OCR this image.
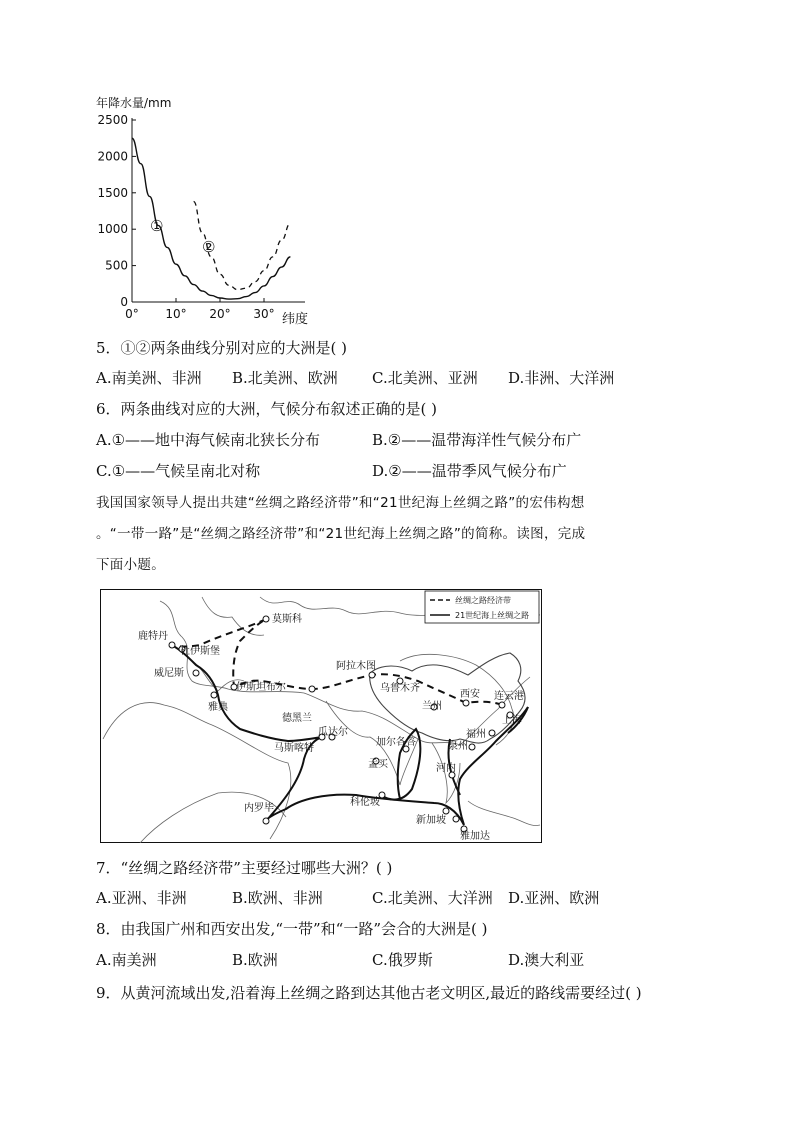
年降水量/mm
0
500
1000
1500
2000
2500
0° 10° 20° 30° 纬度
①
②
5．①②两条曲线分别对应的大洲是( )
A.南美洲、非洲 B.北美洲、欧洲 C.北美洲、亚洲 D.非洲、大洋洲
6．两条曲线对应的大洲，气候分布叙述正确的是( )
A.①——地中海气候南北狭长分布	B.②——温带海洋性气候分布广
C.①——气候呈南北对称	D.②——温带季风气候分布广
我国国家领导人提出共建“丝绸之路经济带”和“21世纪海上丝绸之路”的宏伟构想
。“一带一路”是“丝绸之路经济带”和“21世纪海上丝绸之路”的简称。读图，完成
下面小题。
丝绸之路经济带
21世纪海上丝绸之路
莫斯科
鹿特丹
杜伊斯堡
威尼斯
伊斯坦布尔
雅典
德黑兰
阿拉木图
乌鲁木齐
兰州
西安 连云港
上海
福州
泉州
瓜达尔
加尔各答
马斯喀特
孟买	河内
科伦坡
内罗毕
新加坡
雅加达
7．“丝绸之路经济带”主要经过哪些大洲？( )
A.亚洲、非洲	B.欧洲、非洲	C.北美洲、大洋洲 D.亚洲、欧洲
8．由我国广州和西安出发,“一带”和“一路”会合的大洲是( )
A.南美洲	B.欧洲	C.俄罗斯	D.澳大利亚
9．从黄河流域出发,沿着海上丝绸之路到达其他古老文明区,最近的路线需要经过( )
